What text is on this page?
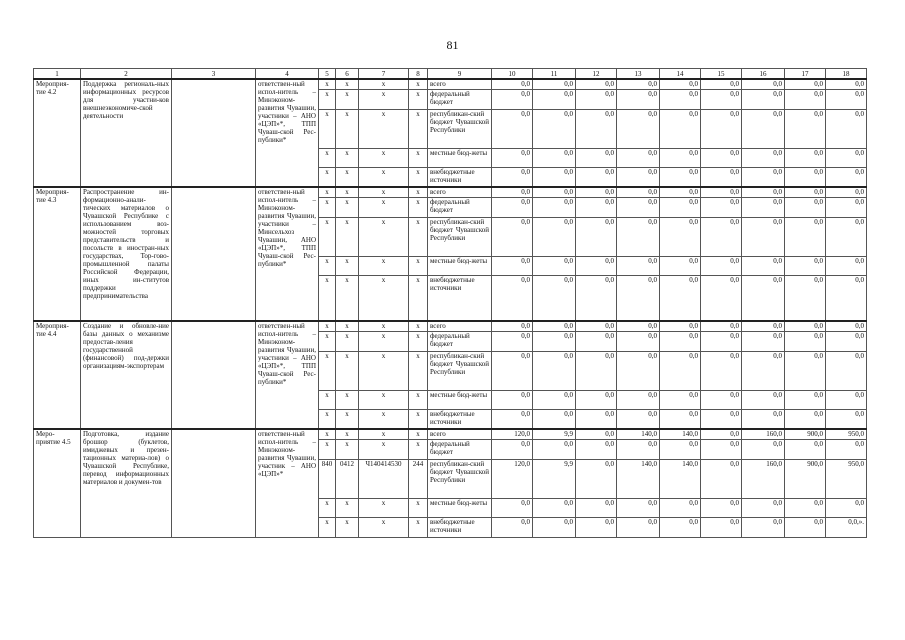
81
1	2	3	4	5	6	7	8	9	10	11	12	13	14	15	16	17	18
Мероприя-тие 4.2	Поддержка региональ-ных информационных ресурсов для участни-ков внешнеэкономиче-ской деятельности		ответствен-ный испол-нитель – Минэконом-развития Чувашии, участники – АНО «ЦЭП»*, ТПП Чуваш-ской Рес-публики*	x	x	x	x	всего	0,0	0,0	0,0	0,0	0,0	0,0	0,0	0,0	0,0
				x	x	x	x	федеральный бюджет	0,0	0,0	0,0	0,0	0,0	0,0	0,0	0,0	0,0
				x	x	x	x	республикан-ский бюджет Чувашской Республики	0,0	0,0	0,0	0,0	0,0	0,0	0,0	0,0	0,0
				x	x	x	x	местные бюд-жеты	0,0	0,0	0,0	0,0	0,0	0,0	0,0	0,0	0,0
				x	x	x	x	внебюджетные источники	0,0	0,0	0,0	0,0	0,0	0,0	0,0	0,0	0,0
Мероприя-тие 4.3	Распространение ин-формационно-анали-тических материалов о Чувашской Республике с использованием воз-можностей торговых представительств и посольств в иностран-ных государствах, Тор-гово-промышленной палаты Российской Федерации, иных ин-ститутов поддержки предпринимательства		ответствен-ный испол-нитель – Минэконом-развития Чувашии, участники – Минсельхоз Чувашии, АНО «ЦЭП»*, ТПП Чуваш-ской Рес-публики*	x	x	x	x	всего	0,0	0,0	0,0	0,0	0,0	0,0	0,0	0,0	0,0
				x	x	x	x	федеральный бюджет	0,0	0,0	0,0	0,0	0,0	0,0	0,0	0,0	0,0
				x	x	x	x	республикан-ский бюджет Чувашской Республики	0,0	0,0	0,0	0,0	0,0	0,0	0,0	0,0	0,0
				x	x	x	x	местные бюд-жеты	0,0	0,0	0,0	0,0	0,0	0,0	0,0	0,0	0,0
				x	x	x	x	внебюджетные источники	0,0	0,0	0,0	0,0	0,0	0,0	0,0	0,0	0,0
Мероприя-тие 4.4	Создание и обновле-ние базы данных о механизме предостав-ления государственной (финансовой) под-держки организациям-экспортерам		ответствен-ный испол-нитель – Минэконом-развития Чувашии, участники – АНО «ЦЭП»*, ТПП Чуваш-ской Рес-публики*	x	x	x	x	всего	0,0	0,0	0,0	0,0	0,0	0,0	0,0	0,0	0,0
				x	x	x	x	федеральный бюджет	0,0	0,0	0,0	0,0	0,0	0,0	0,0	0,0	0,0
				x	x	x	x	республикан-ский бюджет Чувашской Республики	0,0	0,0	0,0	0,0	0,0	0,0	0,0	0,0	0,0
				x	x	x	x	местные бюд-жеты	0,0	0,0	0,0	0,0	0,0	0,0	0,0	0,0	0,0
				x	x	x	x	внебюджетные источники	0,0	0,0	0,0	0,0	0,0	0,0	0,0	0,0	0,0
Меро-приятие 4.5	Подготовка, издание брошюр (буклетов, имиджевых и презен-тационных материа-лов) о Чувашской Республике, перевод информационных материалов и докумен-тов		ответствен-ный испол-нитель – Минэконом-развития Чувашии, участник – АНО «ЦЭП»*	x	x	x	x	всего	120,0	9,9	0,0	140,0	140,0	0,0	160,0	900,0	950,0
				x	x	x	x	федеральный бюджет	0,0	0,0	0,0	0,0	0,0	0,0	0,0	0,0	0,0
				840	0412	Ч140414530	244	республикан-ский бюджет Чувашской Республики	120,0	9,9	0,0	140,0	140,0	0,0	160,0	900,0	950,0
				x	x	x	x	местные бюд-жеты	0,0	0,0	0,0	0,0	0,0	0,0	0,0	0,0	0,0
				x	x	x	x	внебюджетные источники	0,0	0,0	0,0	0,0	0,0	0,0	0,0	0,0	0,0,».
